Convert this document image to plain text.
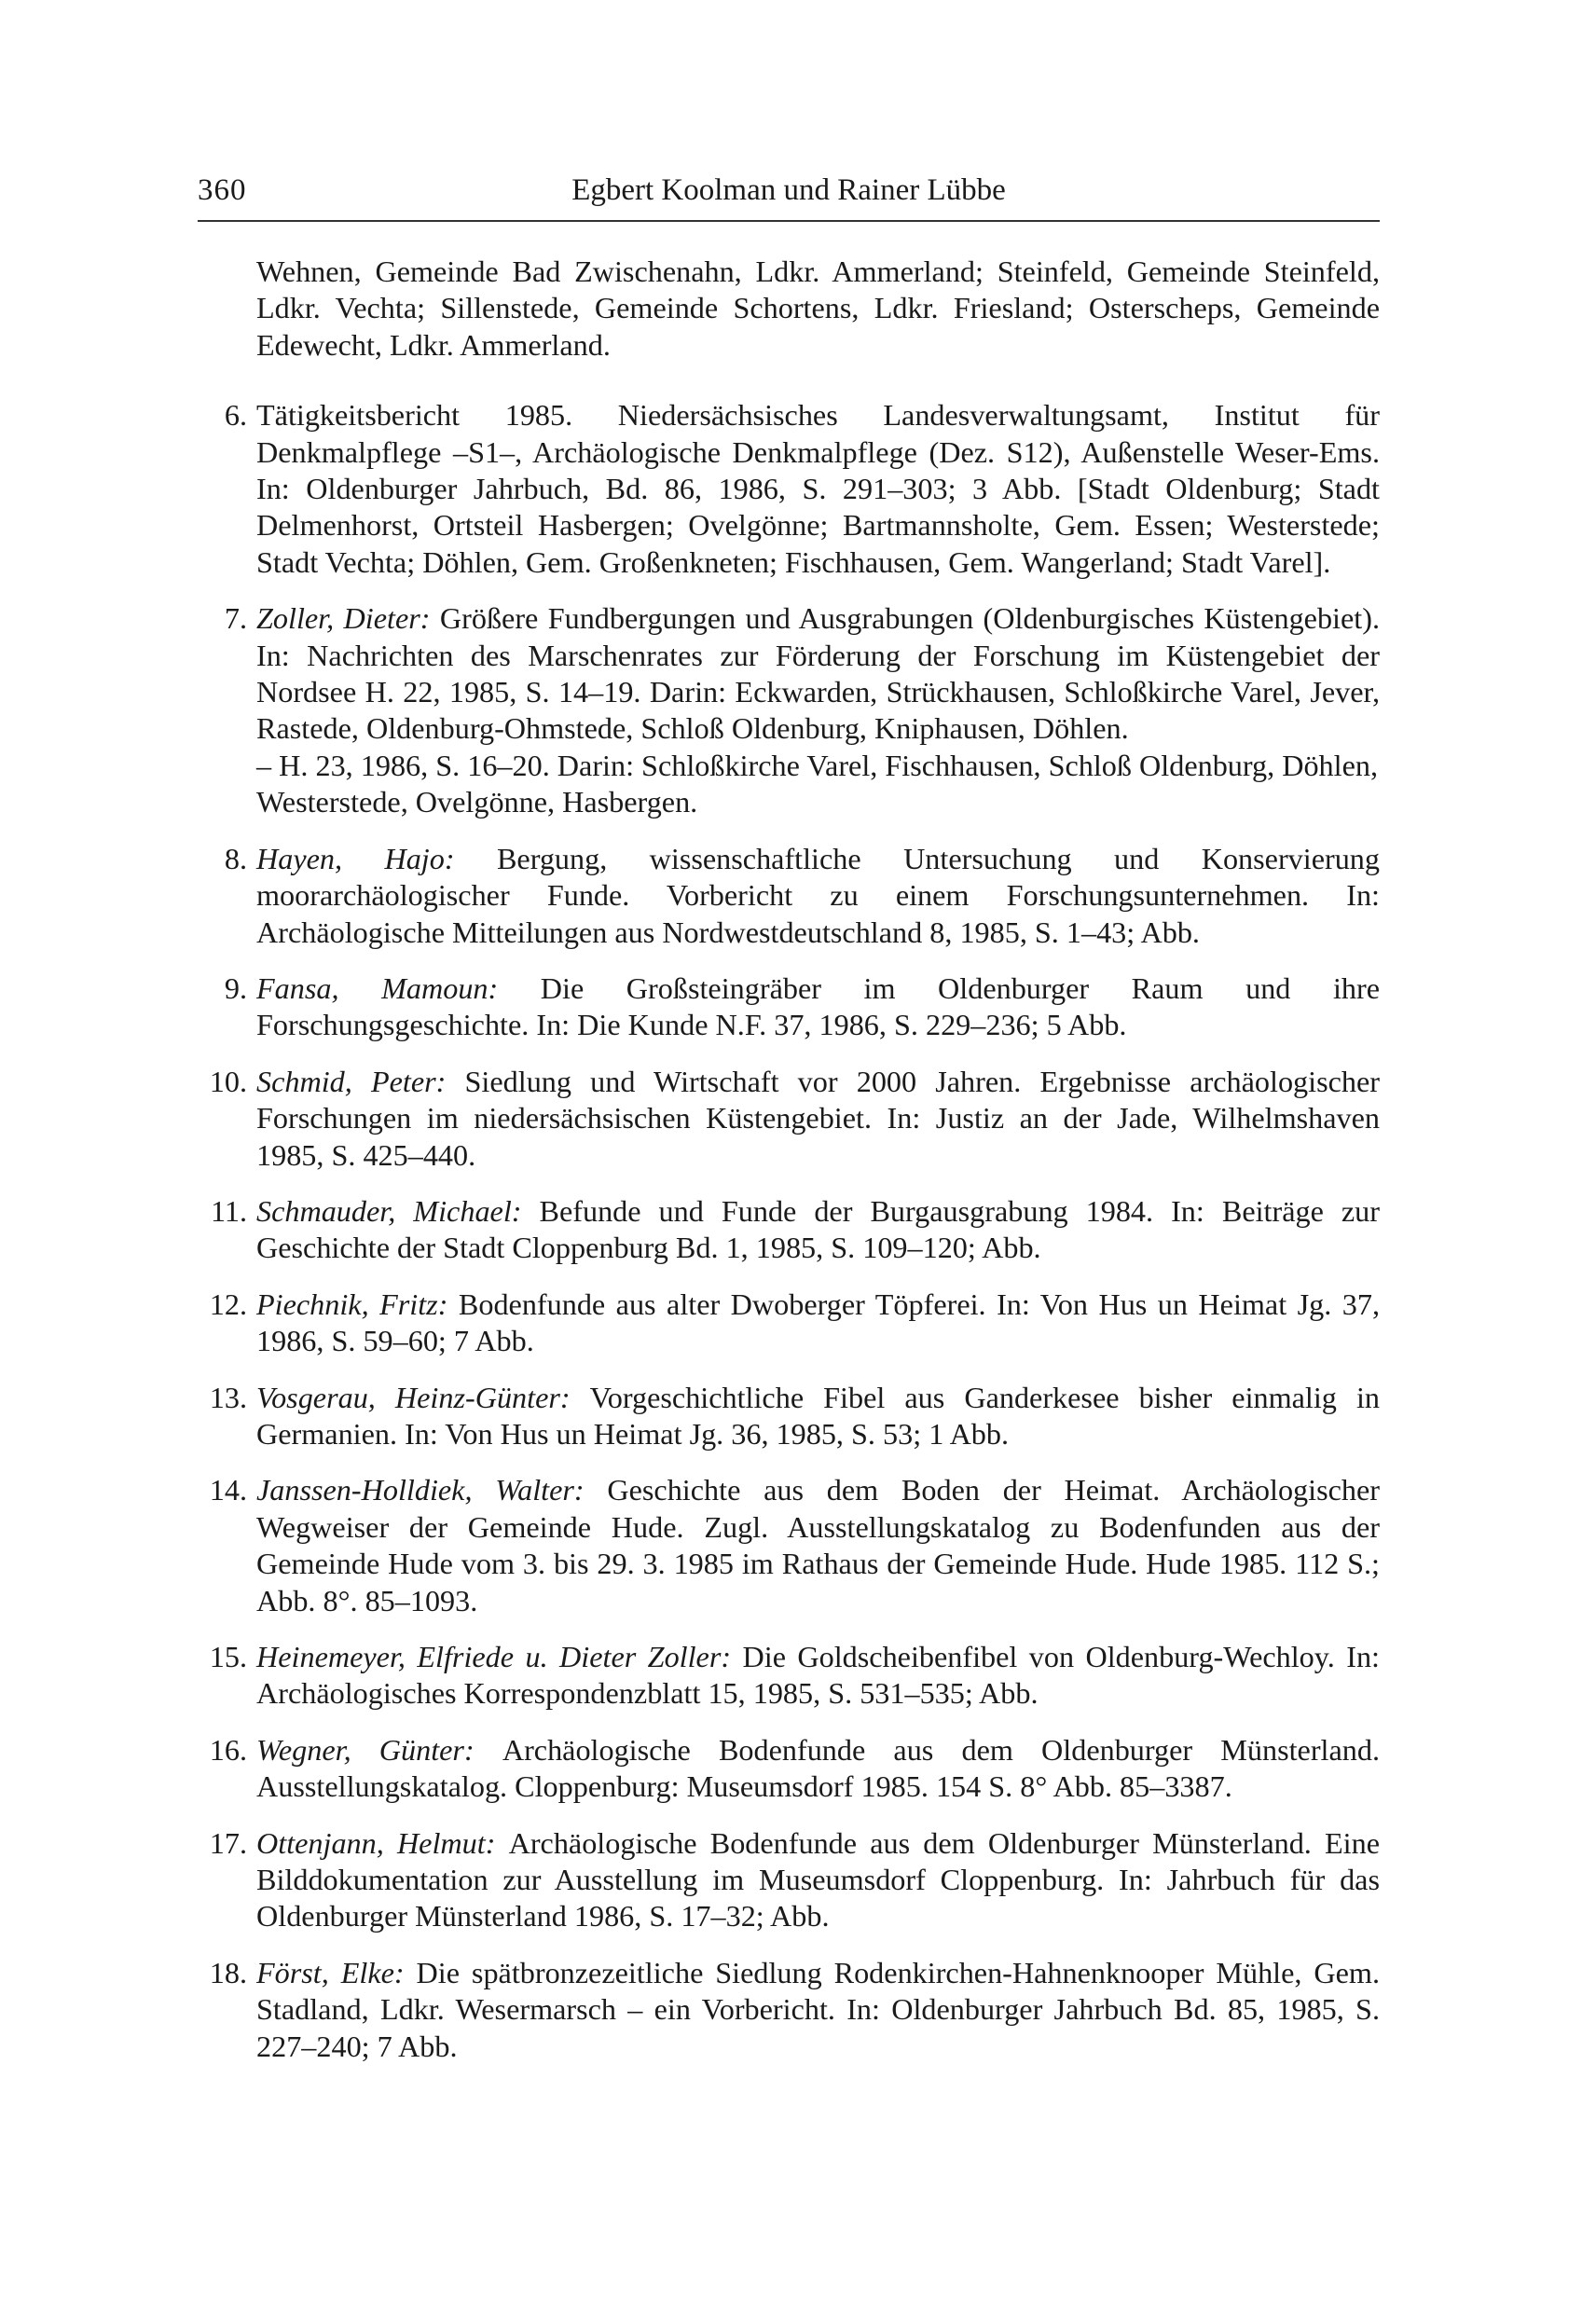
360	Egbert Koolman und Rainer Lübbe
Wehnen, Gemeinde Bad Zwischenahn, Ldkr. Ammerland; Steinfeld, Gemeinde Steinfeld, Ldkr. Vechta; Sillenstede, Gemeinde Schortens, Ldkr. Friesland; Osterscheps, Gemeinde Edewecht, Ldkr. Ammerland.
6. Tätigkeitsbericht 1985. Niedersächsisches Landesverwaltungsamt, Institut für Denkmalpflege –S1–, Archäologische Denkmalpflege (Dez. S12), Außenstelle Weser-Ems. In: Oldenburger Jahrbuch, Bd. 86, 1986, S. 291–303; 3 Abb. [Stadt Oldenburg; Stadt Delmenhorst, Ortsteil Hasbergen; Ovelgönne; Bartmannsholte, Gem. Essen; Westerstede; Stadt Vechta; Döhlen, Gem. Großenkneten; Fischhausen, Gem. Wangerland; Stadt Varel].
7. Zoller, Dieter: Größere Fundbergungen und Ausgrabungen (Oldenburgisches Küstengebiet). In: Nachrichten des Marschenrates zur Förderung der Forschung im Küstengebiet der Nordsee H. 22, 1985, S. 14–19. Darin: Eckwarden, Strückhausen, Schloßkirche Varel, Jever, Rastede, Oldenburg-Ohmstede, Schloß Oldenburg, Kniphausen, Döhlen.
– H. 23, 1986, S. 16–20. Darin: Schloßkirche Varel, Fischhausen, Schloß Oldenburg, Döhlen, Westerstede, Ovelgönne, Hasbergen.
8. Hayen, Hajo: Bergung, wissenschaftliche Untersuchung und Konservierung moorarchäologischer Funde. Vorbericht zu einem Forschungsunternehmen. In: Archäologische Mitteilungen aus Nordwestdeutschland 8, 1985, S. 1–43; Abb.
9. Fansa, Mamoun: Die Großsteingräber im Oldenburger Raum und ihre Forschungsgeschichte. In: Die Kunde N.F. 37, 1986, S. 229–236; 5 Abb.
10. Schmid, Peter: Siedlung und Wirtschaft vor 2000 Jahren. Ergebnisse archäologischer Forschungen im niedersächsischen Küstengebiet. In: Justiz an der Jade, Wilhelmshaven 1985, S. 425–440.
11. Schmauder, Michael: Befunde und Funde der Burgausgrabung 1984. In: Beiträge zur Geschichte der Stadt Cloppenburg Bd. 1, 1985, S. 109–120; Abb.
12. Piechnik, Fritz: Bodenfunde aus alter Dwoberger Töpferei. In: Von Hus un Heimat Jg. 37, 1986, S. 59–60; 7 Abb.
13. Vosgerau, Heinz-Günter: Vorgeschichtliche Fibel aus Ganderkesee bisher einmalig in Germanien. In: Von Hus un Heimat Jg. 36, 1985, S. 53; 1 Abb.
14. Janssen-Holldiek, Walter: Geschichte aus dem Boden der Heimat. Archäologischer Wegweiser der Gemeinde Hude. Zugl. Ausstellungskatalog zu Bodenfunden aus der Gemeinde Hude vom 3. bis 29. 3. 1985 im Rathaus der Gemeinde Hude. Hude 1985. 112 S.; Abb. 8°. 85–1093.
15. Heinemeyer, Elfriede u. Dieter Zoller: Die Goldscheibenfibel von Oldenburg-Wechloy. In: Archäologisches Korrespondenzblatt 15, 1985, S. 531–535; Abb.
16. Wegner, Günter: Archäologische Bodenfunde aus dem Oldenburger Münsterland. Ausstellungskatalog. Cloppenburg: Museumsdorf 1985. 154 S. 8° Abb. 85–3387.
17. Ottenjann, Helmut: Archäologische Bodenfunde aus dem Oldenburger Münsterland. Eine Bilddokumentation zur Ausstellung im Museumsdorf Cloppenburg. In: Jahrbuch für das Oldenburger Münsterland 1986, S. 17–32; Abb.
18. Först, Elke: Die spätbronzezeitliche Siedlung Rodenkirchen-Hahnenknooper Mühle, Gem. Stadland, Ldkr. Wesermarsch – ein Vorbericht. In: Oldenburger Jahrbuch Bd. 85, 1985, S. 227–240; 7 Abb.
